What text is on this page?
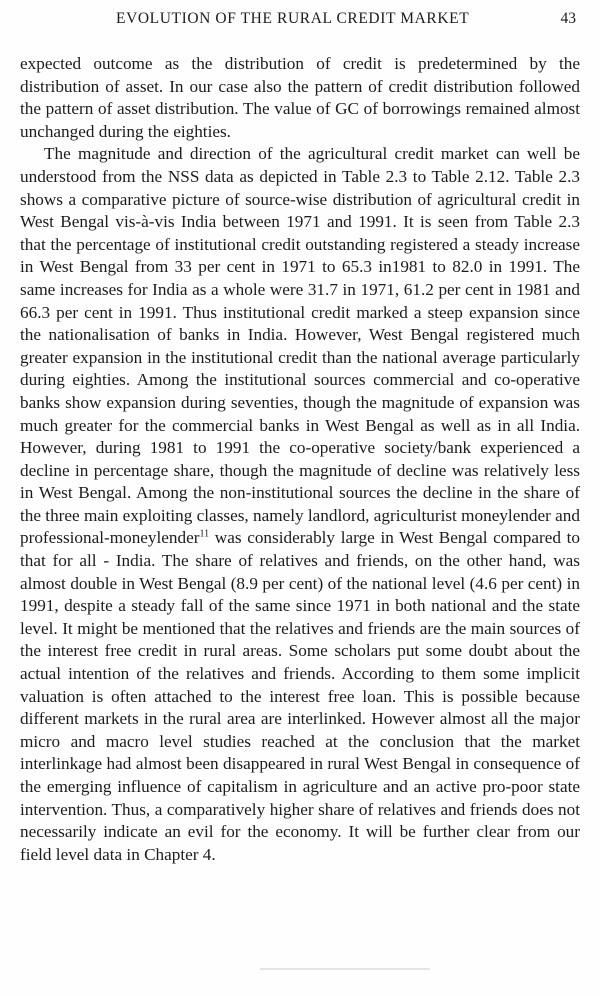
EVOLUTION OF THE RURAL CREDIT MARKET	43

expected outcome as the distribution of credit is predetermined by the distribution of asset. In our case also the pattern of credit distribution followed the pattern of asset distribution. The value of GC of borrowings remained almost unchanged during the eighties.

The magnitude and direction of the agricultural credit market can well be understood from the NSS data as depicted in Table 2.3 to Table 2.12. Table 2.3 shows a comparative picture of source-wise distribution of agricultural credit in West Bengal vis-à-vis India between 1971 and 1991. It is seen from Table 2.3 that the percentage of institutional credit outstanding registered a steady increase in West Bengal from 33 per cent in 1971 to 65.3 in1981 to 82.0 in 1991. The same increases for India as a whole were 31.7 in 1971, 61.2 per cent in 1981 and 66.3 per cent in 1991. Thus institutional credit marked a steep expansion since the nationalisation of banks in India. However, West Bengal registered much greater expansion in the institutional credit than the national average particularly during eighties. Among the institutional sources commercial and co-operative banks show expansion during seventies, though the magnitude of expansion was much greater for the commercial banks in West Bengal as well as in all India. However, during 1981 to 1991 the co-operative society/bank experienced a decline in percentage share, though the magnitude of decline was relatively less in West Bengal. Among the non-institutional sources the decline in the share of the three main exploiting classes, namely landlord, agriculturist moneylender and professional-moneylender$^{11}$ was considerably large in West Bengal compared to that for all - India. The share of relatives and friends, on the other hand, was almost double in West Bengal (8.9 per cent) of the national level (4.6 per cent) in 1991, despite a steady fall of the same since 1971 in both national and the state level. It might be mentioned that the relatives and friends are the main sources of the interest free credit in rural areas. Some scholars put some doubt about the actual intention of the relatives and friends. According to them some implicit valuation is often attached to the interest free loan. This is possible because different markets in the rural area are interlinked. However almost all the major micro and macro level studies reached at the conclusion that the market interlinkage had almost been disappeared in rural West Bengal in consequence of the emerging influence of capitalism in agriculture and an active pro-poor state intervention. Thus, a comparatively higher share of relatives and friends does not necessarily indicate an evil for the economy. It will be further clear from our field level data in Chapter 4.
